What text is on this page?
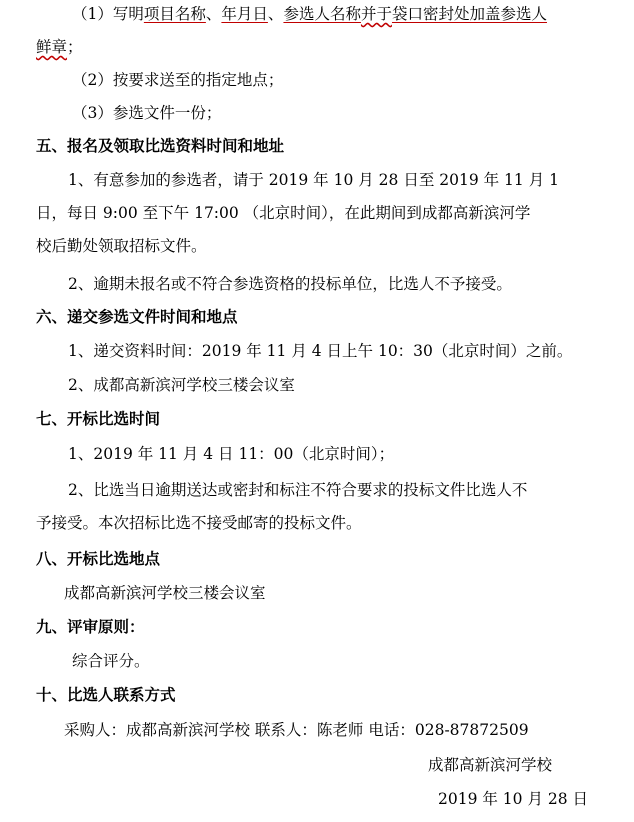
（1）写明项目名称、年月日、参选人名称并于袋口密封处加盖参选人
鲜章；
（2）按要求送至的指定地点；
（3）参选文件一份；
五、报名及领取比选资料时间和地址
1、有意参加的参选者，请于 2019 年 10 月 28 日至 2019 年 11 月 1
日，每日 9:00 至下午 17:00 （北京时间），在此期间到成都高新滨河学
校后勤处领取招标文件。
2、逾期未报名或不符合参选资格的投标单位，比选人不予接受。
六、递交参选文件时间和地点
1、递交资料时间：2019 年 11 月 4 日上午 10：30（北京时间）之前。
2、成都高新滨河学校三楼会议室
七、开标比选时间
1、2019 年 11 月 4 日 11：00（北京时间）；
2、比选当日逾期送达或密封和标注不符合要求的投标文件比选人不
予接受。本次招标比选不接受邮寄的投标文件。
八、开标比选地点
成都高新滨河学校三楼会议室
九、评审原则：
综合评分。
十、比选人联系方式
采购人：成都高新滨河学校 联系人：陈老师 电话：028-87872509
成都高新滨河学校
2019 年 10 月 28 日
